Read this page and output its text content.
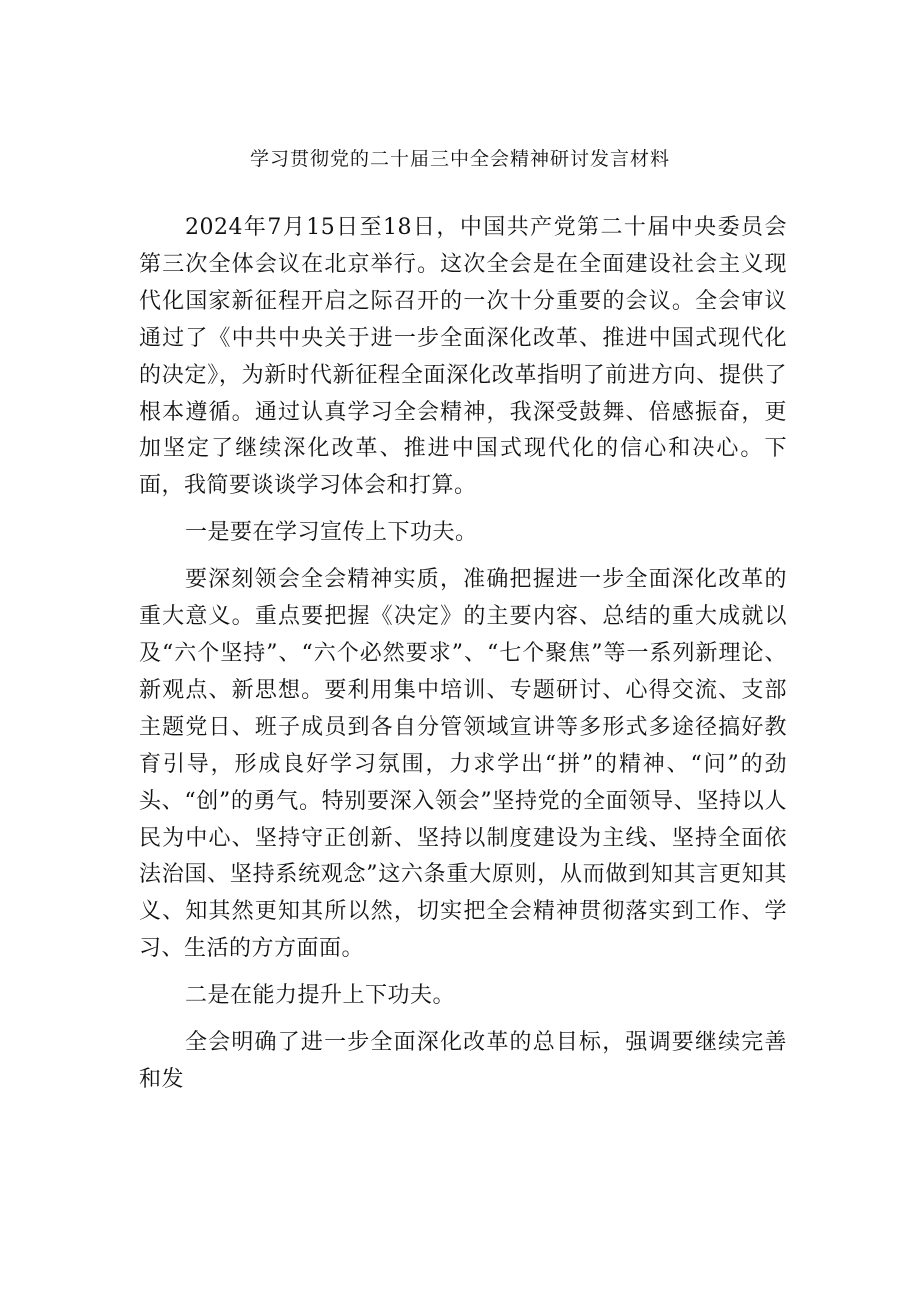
学习贯彻党的二十届三中全会精神研讨发言材料

2024年7月15日至18日，中国共产党第二十届中央委员会第三次全体会议在北京举行。这次全会是在全面建设社会主义现代化国家新征程开启之际召开的一次十分重要的会议。全会审议通过了《中共中央关于进一步全面深化改革、推进中国式现代化的决定》，为新时代新征程全面深化改革指明了前进方向、提供了根本遵循。通过认真学习全会精神，我深受鼓舞、倍感振奋，更加坚定了继续深化改革、推进中国式现代化的信心和决心。下面，我简要谈谈学习体会和打算。

一是要在学习宣传上下功夫。

要深刻领会全会精神实质，准确把握进一步全面深化改革的重大意义。重点要把握《决定》的主要内容、总结的重大成就以及“六个坚持”、“六个必然要求”、“七个聚焦”等一系列新理论、新观点、新思想。要利用集中培训、专题研讨、心得交流、支部主题党日、班子成员到各自分管领域宣讲等多形式多途径搞好教育引导，形成良好学习氛围，力求学出“拼”的精神、“问”的劲头、“创”的勇气。特别要深入领会”坚持党的全面领导、坚持以人民为中心、坚持守正创新、坚持以制度建设为主线、坚持全面依法治国、坚持系统观念”这六条重大原则，从而做到知其言更知其义、知其然更知其所以然，切实把全会精神贯彻落实到工作、学习、生活的方方面面。

二是在能力提升上下功夫。

全会明确了进一步全面深化改革的总目标，强调要继续完善和发
